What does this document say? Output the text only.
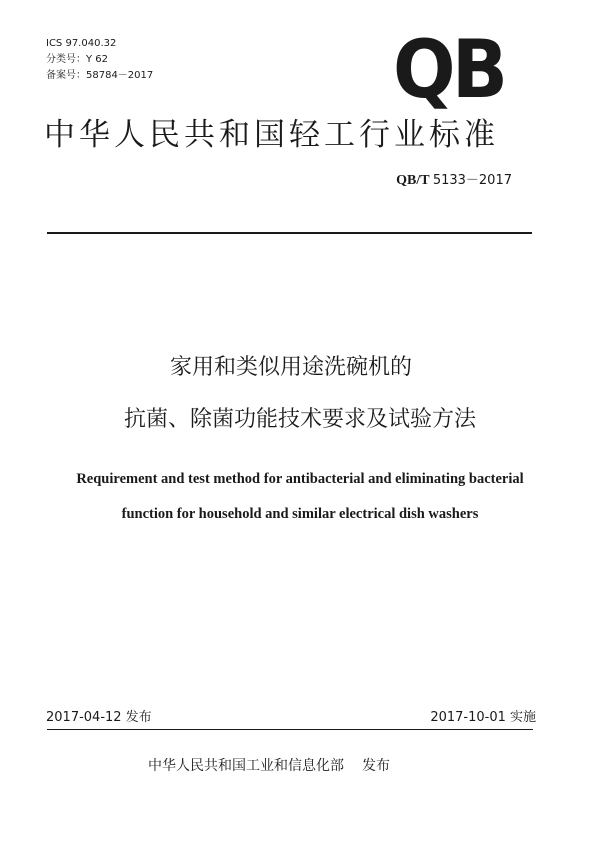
ICS 97.040.32
分类号：Y 62
备案号：58784－2017	QB
中华人民共和国轻工行业标准
QB/T 5133－2017
家用和类似用途洗碗机的
抗菌、除菌功能技术要求及试验方法
Requirement and test method for antibacterial and eliminating bacterial
function for household and similar electrical dish washers
2017-04-12 发布	2017-10-01 实施
中华人民共和国工业和信息化部 发布
